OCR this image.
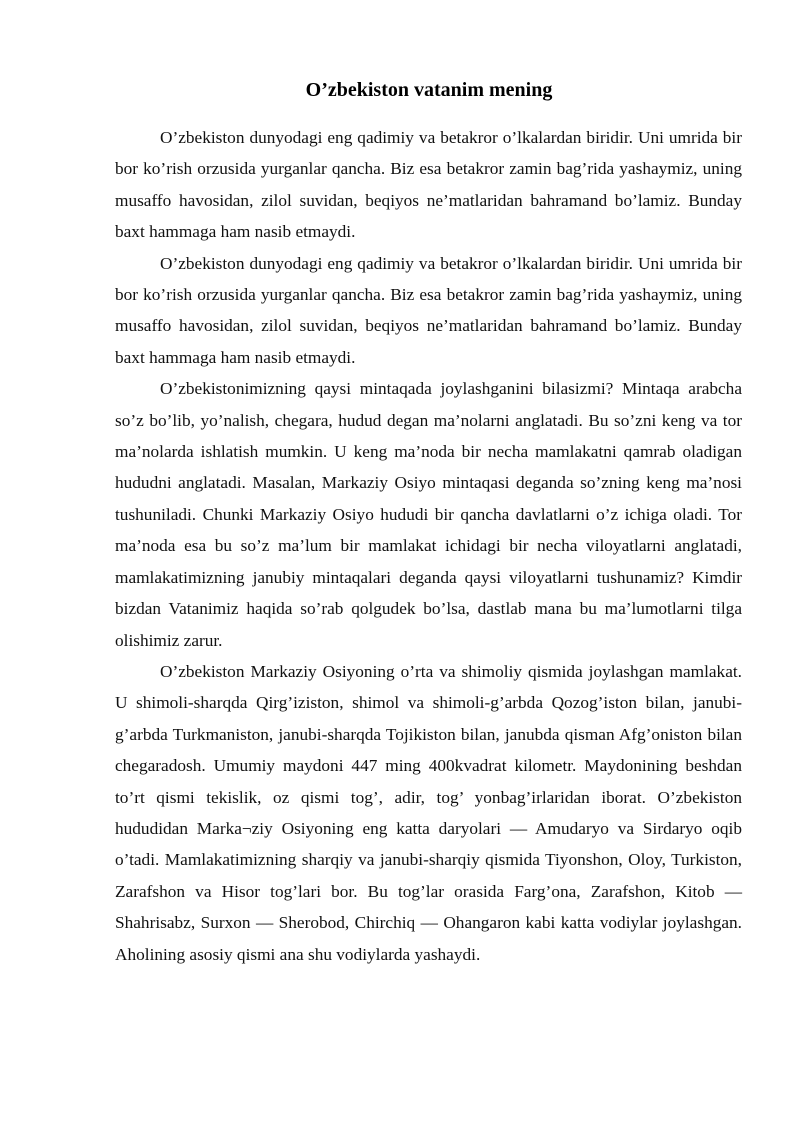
O’zbekiston vatanim mening

O’zbekiston dunyodagi eng qadimiy va betakror o’lkalardan biridir. Uni umrida bir bor ko’rish orzusida yurganlar qancha. Biz esa betakror zamin bag’rida yashaymiz, uning musaffo havosidan, zilol suvidan, beqiyos ne’matlaridan bahramand bo’lamiz. Bunday baxt hammaga ham nasib etmaydi.

O’zbekiston dunyodagi eng qadimiy va betakror o’lkalardan biridir. Uni umrida bir bor ko’rish orzusida yurganlar qancha. Biz esa betakror zamin bag’rida yashaymiz, uning musaffo havosidan, zilol suvidan, beqiyos ne’matlaridan bahramand bo’lamiz. Bunday baxt hammaga ham nasib etmaydi.

O’zbekistonimizning qaysi mintaqada joylashganini bilasizmi? Mintaqa arabcha so’z bo’lib, yo’nalish, chegara, hudud degan ma’nolarni anglatadi. Bu so’zni keng va tor ma’nolarda ishlatish mumkin. U keng ma’noda bir necha mamlakatni qamrab oladigan hududni anglatadi. Masalan, Markaziy Osiyo mintaqasi deganda so’zning keng ma’nosi tushuniladi. Chunki Markaziy Osiyo hududi bir qancha davlatlarni o’z ichiga oladi. Tor ma’noda esa bu so’z ma’lum bir mamlakat ichidagi bir necha viloyatlarni anglatadi, mamlakatimizning janubiy mintaqalari deganda qaysi viloyatlarni tushunamiz? Kimdir bizdan Vatanimiz haqida so’rab qolgudek bo’lsa, dastlab mana bu ma’lumotlarni tilga olishimiz zarur.

O’zbekiston Markaziy Osiyoning o’rta va shimoliy qismida joylashgan mamlakat. U shimoli-sharqda Qirg’iziston, shimol va shimoli-g’arbda Qozog’iston bilan, janubi-g’arbda Turkmaniston, janubi-sharqda Tojikiston bilan, janubda qisman Afg’oniston bilan chegaradosh. Umumiy maydoni 447 ming 400kvadrat kilometr. Maydonining beshdan to’rt qismi tekislik, oz qismi tog’, adir, tog’ yonbag’irlaridan iborat. O’zbekiston hududidan Marka¬ziy Osiyoning eng katta daryolari — Amudaryo va Sirdaryo oqib o’tadi. Mamlakatimizning sharqiy va janubi-sharqiy qismida Tiyonshon, Oloy, Turkiston, Zarafshon va Hisor tog’lari bor. Bu tog’lar orasida Farg’ona, Zarafshon, Kitob — Shahrisabz, Surxon — Sherobod, Chirchiq — Ohangaron kabi katta vodiylar joylashgan. Aholining asosiy qismi ana shu vodiylarda yashaydi.
